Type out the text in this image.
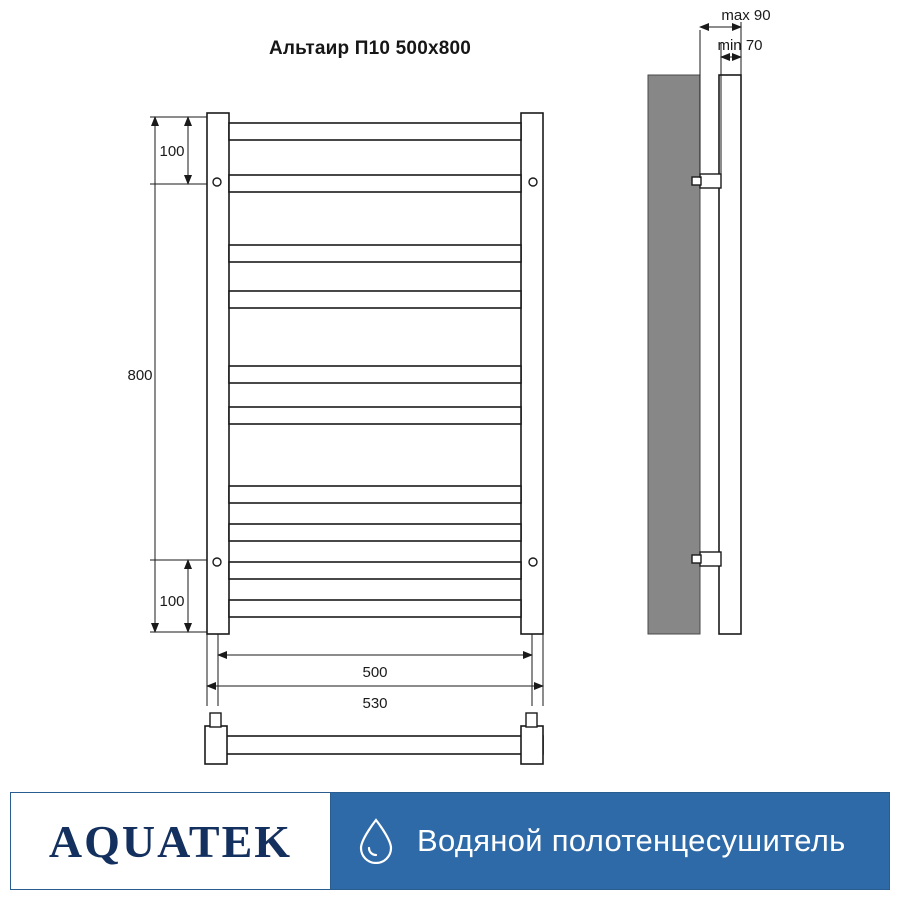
Альтаир П10 500x800
100
800
100
500
530
max 90
min 70
AQUATEK	Водяной полотенцесушитель
